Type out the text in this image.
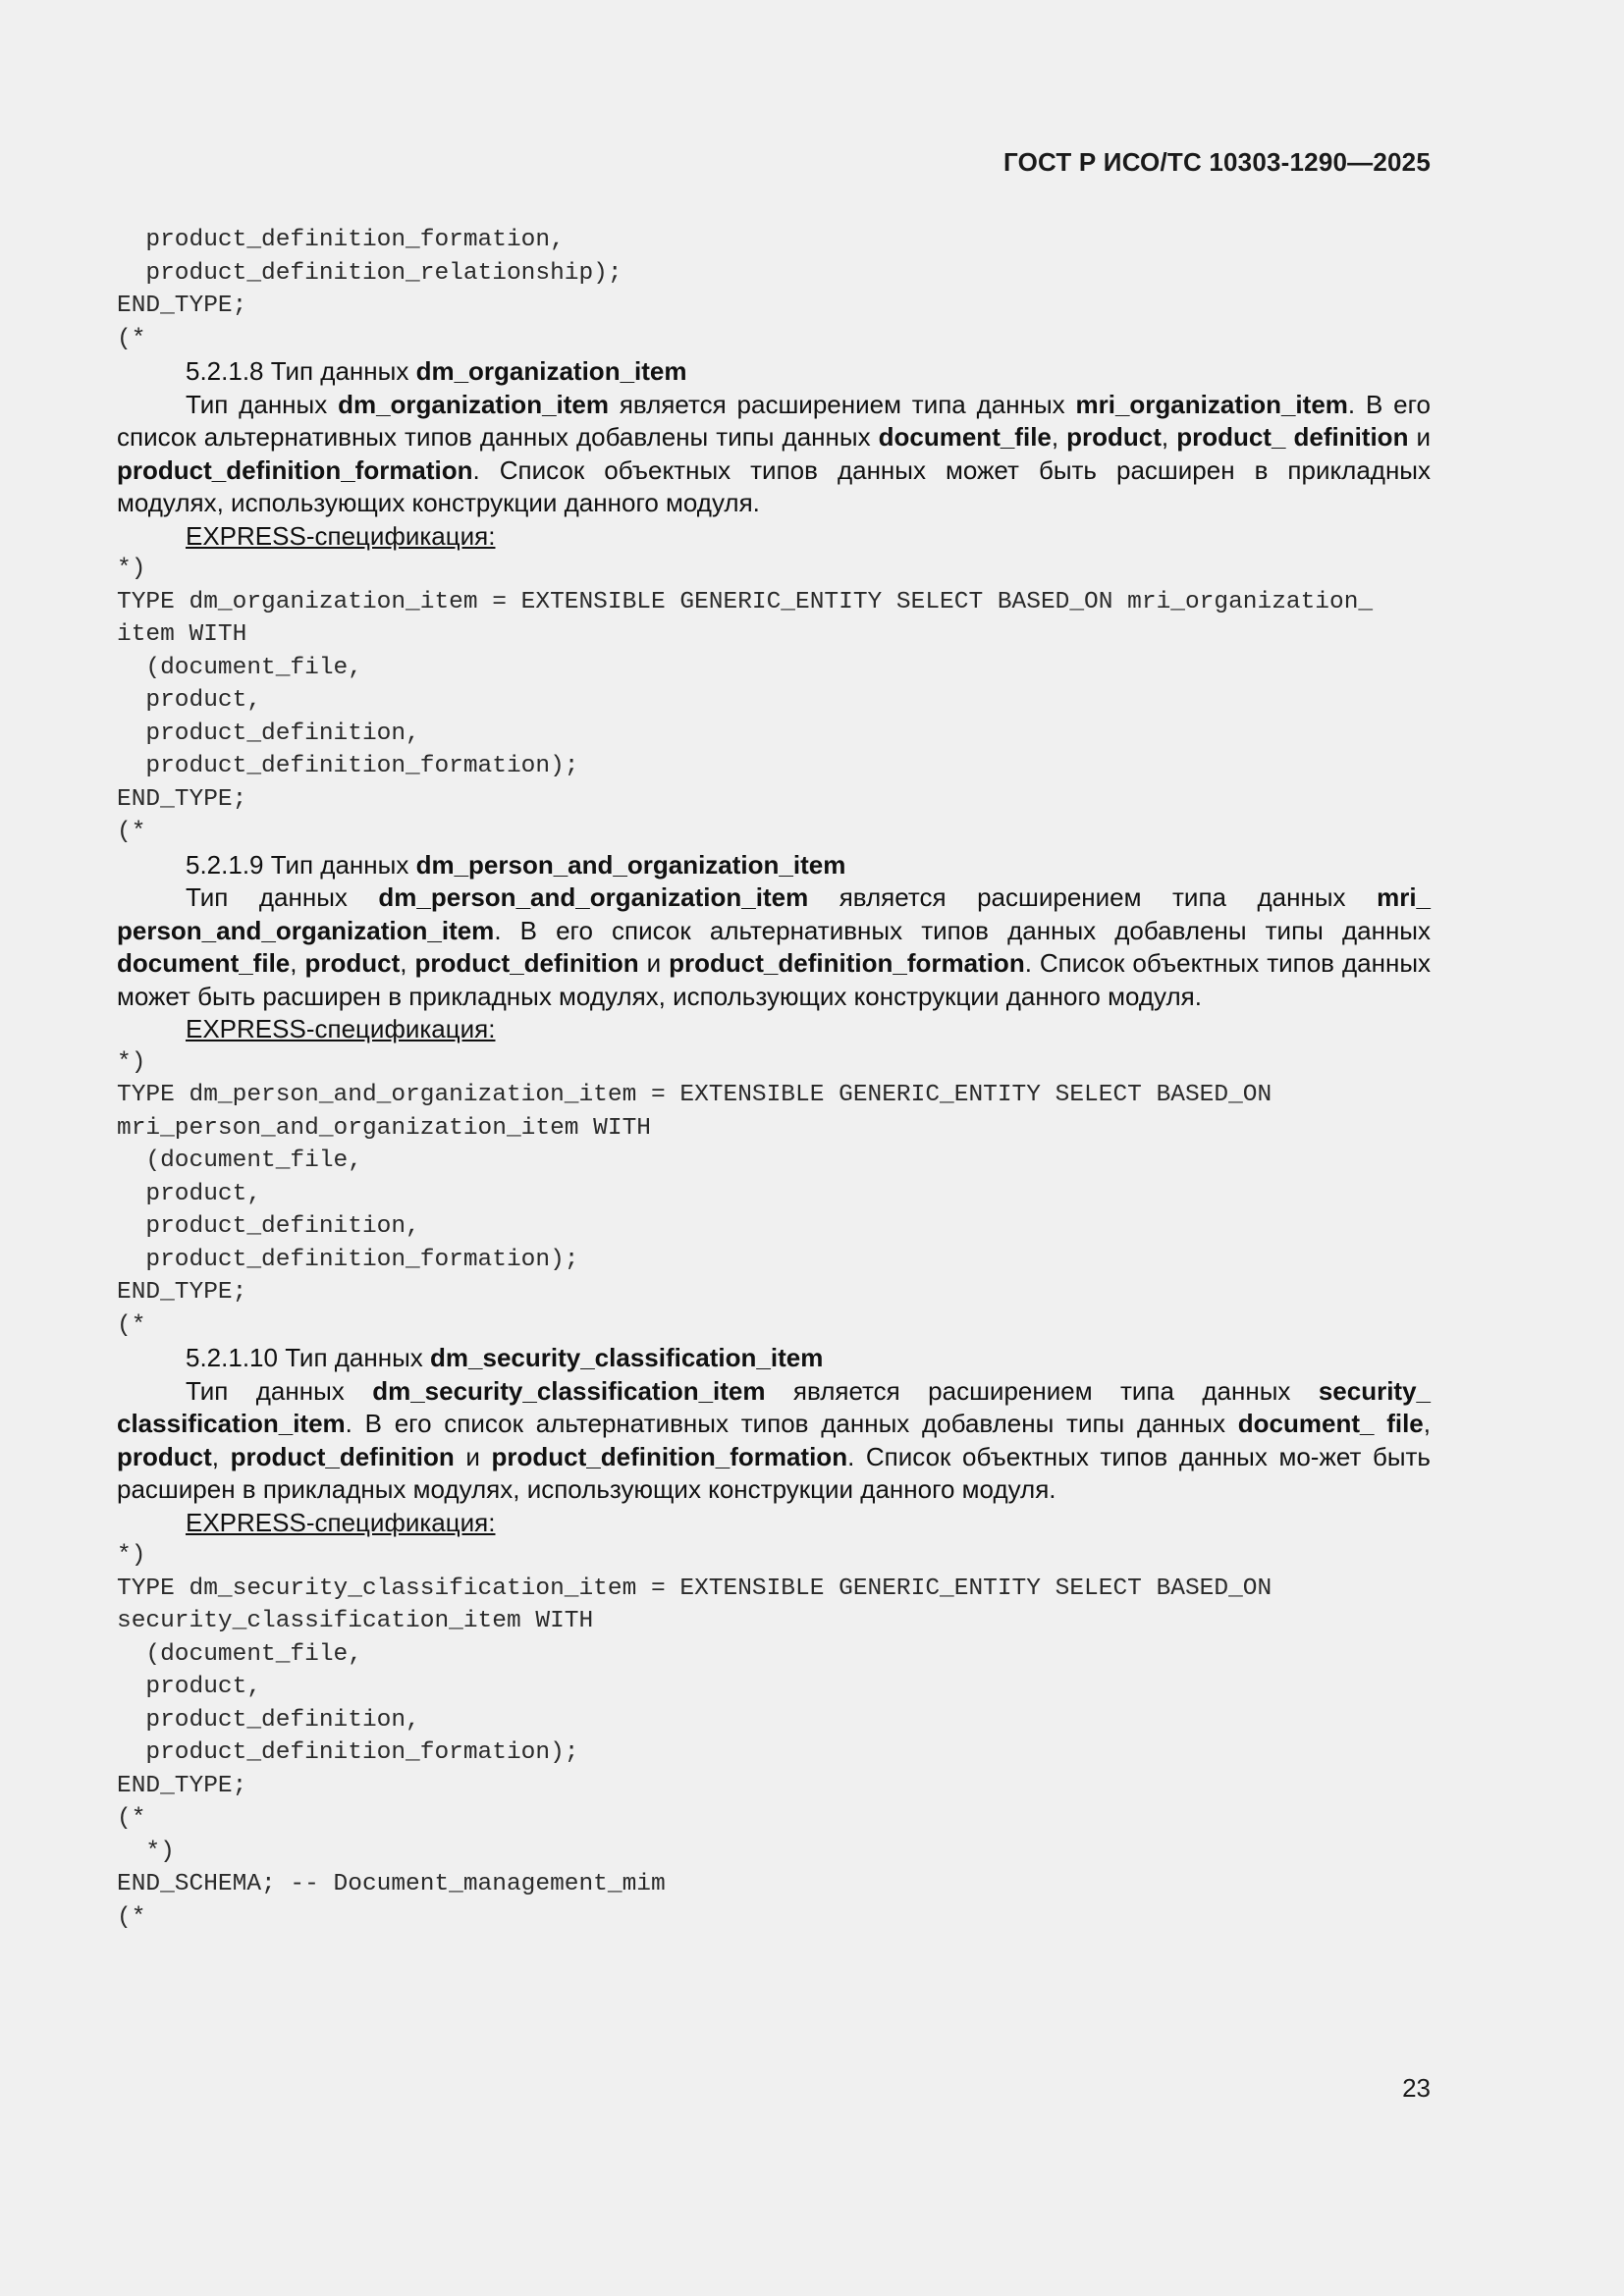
ГОСТ Р ИСО/ТС 10303-1290—2025
product_definition_formation,
product_definition_relationship);
END_TYPE;
(*
5.2.1.8 Тип данных dm_organization_item
Тип данных dm_organization_item является расширением типа данных mri_organization_item. В его список альтернативных типов данных добавлены типы данных document_file, product, product_ definition и product_definition_formation. Список объектных типов данных может быть расширен в прикладных модулях, использующих конструкции данного модуля.
EXPRESS-спецификация:
*)
TYPE dm_organization_item = EXTENSIBLE GENERIC_ENTITY SELECT BASED_ON mri_organization_
item WITH
(document_file,
product,
product_definition,
product_definition_formation);
END_TYPE;
(*
5.2.1.9 Тип данных dm_person_and_organization_item
Тип данных dm_person_and_organization_item является расширением типа данных mri_ person_and_organization_item. В его список альтернативных типов данных добавлены типы данных document_file, product, product_definition и product_definition_formation. Список объектных типов данных может быть расширен в прикладных модулях, использующих конструкции данного модуля.
EXPRESS-спецификация:
*)
TYPE dm_person_and_organization_item = EXTENSIBLE GENERIC_ENTITY SELECT BASED_ON
mri_person_and_organization_item WITH
(document_file,
product,
product_definition,
product_definition_formation);
END_TYPE;
(*
5.2.1.10 Тип данных dm_security_classification_item
Тип данных dm_security_classification_item является расширением типа данных security_ classification_item. В его список альтернативных типов данных добавлены типы данных document_ file, product, product_definition и product_definition_formation. Список объектных типов данных мо-жет быть расширен в прикладных модулях, использующих конструкции данного модуля.
EXPRESS-спецификация:
*)
TYPE dm_security_classification_item = EXTENSIBLE GENERIC_ENTITY SELECT BASED_ON
security_classification_item WITH
(document_file,
product,
product_definition,
product_definition_formation);
END_TYPE;
(*
*)
END_SCHEMA; -- Document_management_mim
(*
23
